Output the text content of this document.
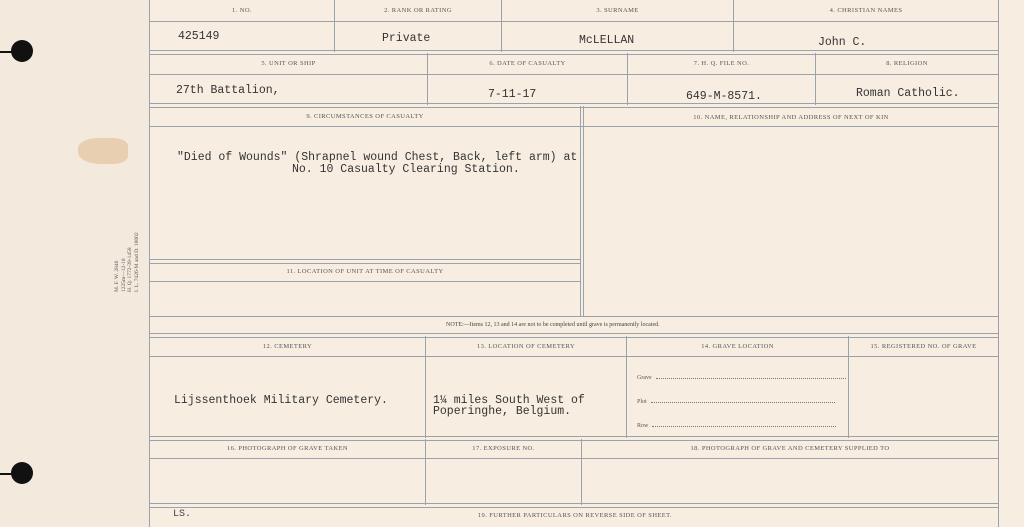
M. F. W. 2846 1225m—12-18 H. Q. 1772-39-1458 I. L. 7426-M and D. 10002
1. NO.	2. RANK OR RATING	3. SURNAME	4. CHRISTIAN NAMES
425149	Private	McLELLAN	John C.
5. UNIT OR SHIP	6. DATE OF CASUALTY	7. H. Q. FILE NO.	8. RELIGION
27th Battalion,	7-11-17	649-M-8571.	Roman Catholic.
9. CIRCUMSTANCES OF CASUALTY	10. NAME, RELATIONSHIP AND ADDRESS OF NEXT OF KIN
"Died of Wounds" (Shrapnel wound Chest, Back, left arm) at
No. 10 Casualty Clearing Station.
11. LOCATION OF UNIT AT TIME OF CASUALTY
NOTE:—Items 12, 13 and 14 are not to be completed until grave is permanently located.
12. CEMETERY	13. LOCATION OF CEMETERY	14. GRAVE LOCATION	15. REGISTERED NO. OF GRAVE
Lijssenthoek Military Cemetery.	1¼ miles South West of
Poperinghe, Belgium.
Grave
Plot
Row
16. PHOTOGRAPH OF GRAVE TAKEN	17. EXPOSURE NO.	18. PHOTOGRAPH OF GRAVE AND CEMETERY SUPPLIED TO
LS.	19. FURTHER PARTICULARS ON REVERSE SIDE OF SHEET.
